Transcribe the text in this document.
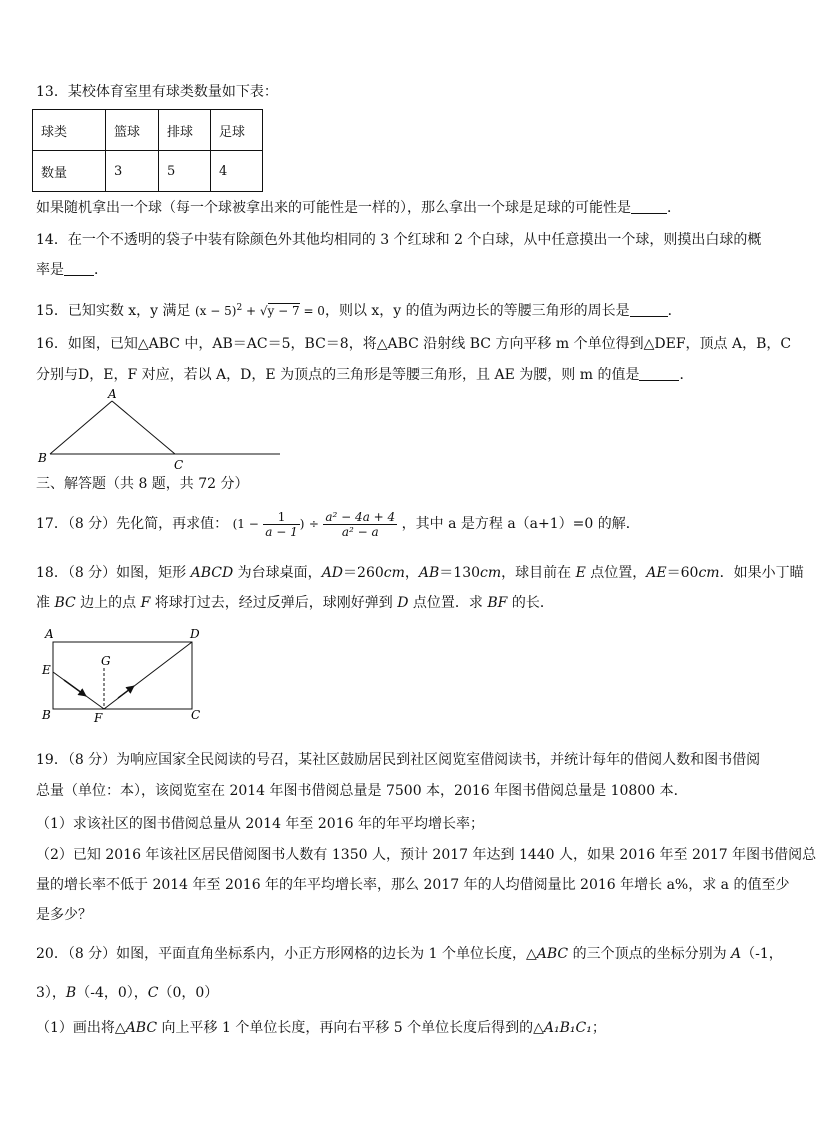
13．某校体育室里有球类数量如下表：
球类	篮球	排球	足球
数量	3	5	4
如果随机拿出一个球（每一个球被拿出来的可能性是一样的），那么拿出一个球是足球的可能性是	．
14．在一个不透明的袋子中装有除颜色外其他均相同的 3 个红球和 2 个白球，从中任意摸出一个球，则摸出白球的概
率是 ．
15．已知实数 x，y 满足 $(x - 5)^2 + √y - 7 = 0$，则以 x，y 的值为两边长的等腰三角形的周长是	．
16．如图，已知△ABC 中，AB＝AC＝5，BC＝8，将△ABC 沿射线 BC 方向平移 m 个单位得到△DEF，顶点 A，B，C
分别与D，E，F 对应，若以 A，D，E 为顶点的三角形是等腰三角形，且 AE 为腰，则 m 的值是	．
A
B	C
三、解答题（共 8 题，共 72 分）
17．（8 分）先化简，再求值： ($1 - \frac{1}{a - 1}$ ) ÷ $\frac{\text{a² − 4a + 4}}{\text{a² − a}}$ ，其中 a 是方程 a（a+1）=0 的解．
18．（8 分）如图，矩形 ABCD 为台球桌面，AD＝260cm，AB＝130cm，球目前在 E 点位置，AE＝60cm．如果小丁瞄
准 BC 边上的点 F 将球打过去，经过反弹后，球刚好弹到 D 点位置．求 BF 的长．
A	D
E
G
B	F	C
19．（8 分）为响应国家全民阅读的号召，某社区鼓励居民到社区阅览室借阅读书，并统计每年的借阅人数和图书借阅
总量（单位：本），该阅览室在 2014 年图书借阅总量是 7500 本，2016 年图书借阅总量是 10800 本．
（1）求该社区的图书借阅总量从 2014 年至 2016 年的年平均增长率；
（2）已知 2016 年该社区居民借阅图书人数有 1350 人，预计 2017 年达到 1440 人，如果 2016 年至 2017 年图书借阅总
量的增长率不低于 2014 年至 2016 年的年平均增长率，那么 2017 年的人均借阅量比 2016 年增长 a%，求 a 的值至少
是多少？
20．（8 分）如图，平面直角坐标系内，小正方形网格的边长为 1 个单位长度，△ABC 的三个顶点的坐标分别为 A（-1，
3），B（-4，0），C（0，0）
（1）画出将△ABC 向上平移 1 个单位长度，再向右平移 5 个单位长度后得到的△A₁B₁C₁；
